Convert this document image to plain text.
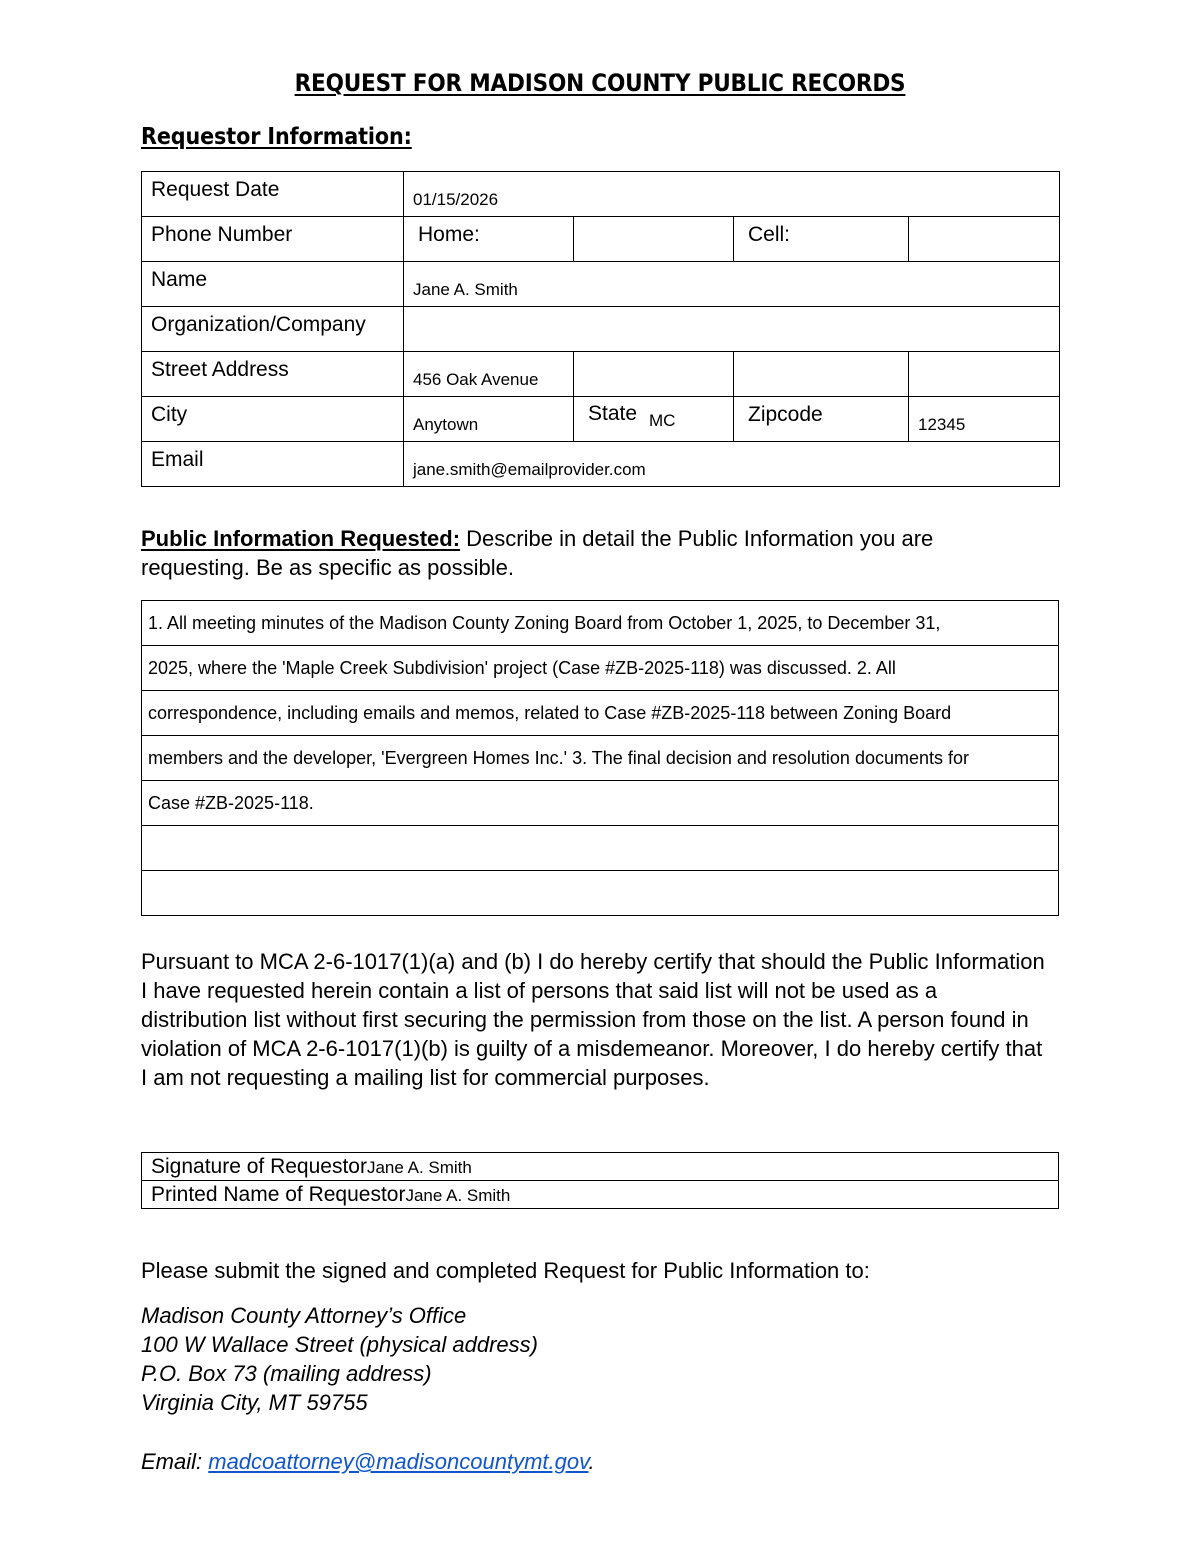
REQUEST FOR MADISON COUNTY PUBLIC RECORDS
Requestor Information:
Request Date	01/15/2026			

Phone Number	Home:		Cell:	

Name	Jane A. Smith			

Organization/Company				

Street Address	456 Oak Avenue			

City	Anytown	State MC	Zipcode	12345

Email	jane.smith@emailprovider.com			
Public Information Requested: Describe in detail the Public Information you are requesting. Be as specific as possible.
1. All meeting minutes of the Madison County Zoning Board from October 1, 2025, to December 31,
2025, where the 'Maple Creek Subdivision' project (Case #ZB-2025-118) was discussed. 2. All
correspondence, including emails and memos, related to Case #ZB-2025-118 between Zoning Board
members and the developer, 'Evergreen Homes Inc.' 3. The final decision and resolution documents for
Case #ZB-2025-118.

Pursuant to MCA 2-6-1017(1)(a) and (b) I do hereby certify that should the Public Information I have requested herein contain a list of persons that said list will not be used as a distribution list without first securing the permission from those on the list. A person found in violation of MCA 2-6-1017(1)(b) is guilty of a misdemeanor. Moreover, I do hereby certify that I am not requesting a mailing list for commercial purposes.
Signature of Requestor Jane A. Smith

Printed Name of Requestor Jane A. Smith
Please submit the signed and completed Request for Public Information to:
Madison County Attorney’s Office
100 W Wallace Street (physical address)
P.O. Box 73 (mailing address)
Virginia City, MT 59755
Email: madcoattorney@madisoncountymt.gov.
